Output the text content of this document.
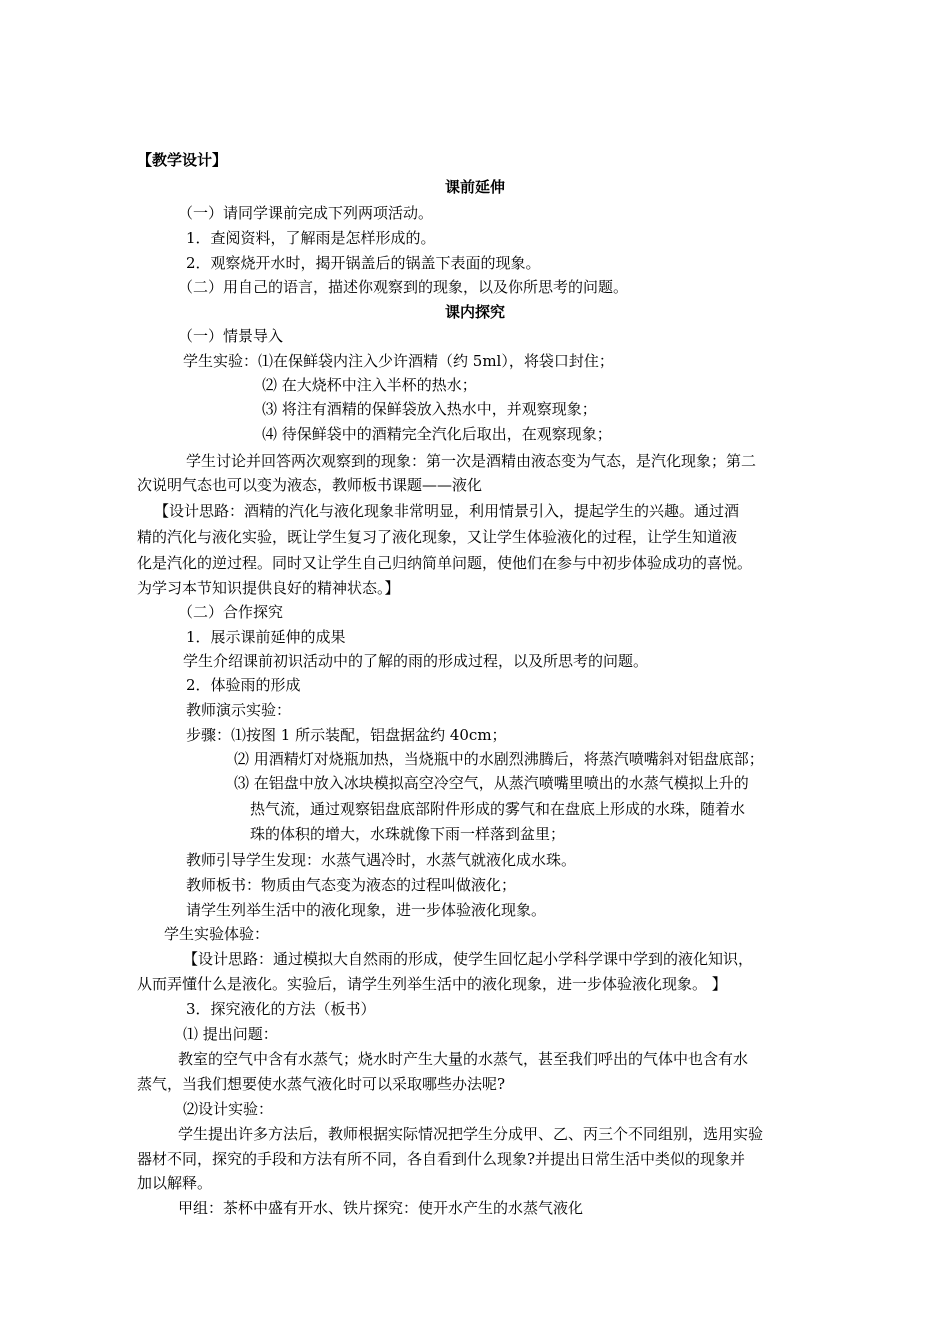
【教学设计】
课前延伸
（一）请同学课前完成下列两项活动。
1．查阅资料，了解雨是怎样形成的。
2．观察烧开水时，揭开锅盖后的锅盖下表面的现象。
（二）用自己的语言，描述你观察到的现象，以及你所思考的问题。
课内探究
（一）情景导入
学生实验：⑴在保鲜袋内注入少许酒精（约 5ml），将袋口封住；
⑵ 在大烧杯中注入半杯的热水；
⑶ 将注有酒精的保鲜袋放入热水中，并观察现象；
⑷ 待保鲜袋中的酒精完全汽化后取出，在观察现象；
学生讨论并回答两次观察到的现象：第一次是酒精由液态变为气态，是汽化现象；第二
次说明气态也可以变为液态，教师板书课题——液化
【设计思路：酒精的汽化与液化现象非常明显，利用情景引入，提起学生的兴趣。通过酒
精的汽化与液化实验，既让学生复习了液化现象，又让学生体验液化的过程，让学生知道液
化是汽化的逆过程。同时又让学生自己归纳简单问题，使他们在参与中初步体验成功的喜悦。
为学习本节知识提供良好的精神状态。】
（二）合作探究
1．展示课前延伸的成果
学生介绍课前初识活动中的了解的雨的形成过程，以及所思考的问题。
2．体验雨的形成
教师演示实验：
步骤：⑴按图 1 所示装配，铝盘据盆约 40cm；
⑵ 用酒精灯对烧瓶加热，当烧瓶中的水剧烈沸腾后，将蒸汽喷嘴斜对铝盘底部；
⑶ 在铝盘中放入冰块模拟高空冷空气，从蒸汽喷嘴里喷出的水蒸气模拟上升的
热气流，通过观察铝盘底部附件形成的雾气和在盘底上形成的水珠，随着水
珠的体积的增大，水珠就像下雨一样落到盆里；
教师引导学生发现：水蒸气遇冷时，水蒸气就液化成水珠。
教师板书：物质由气态变为液态的过程叫做液化；
请学生列举生活中的液化现象，进一步体验液化现象。
学生实验体验：
【设计思路：通过模拟大自然雨的形成，使学生回忆起小学科学课中学到的液化知识，
从而弄懂什么是液化。实验后，请学生列举生活中的液化现象，进一步体验液化现象。 】
3．探究液化的方法（板书）
⑴ 提出问题：
教室的空气中含有水蒸气；烧水时产生大量的水蒸气，甚至我们呼出的气体中也含有水
蒸气，当我们想要使水蒸气液化时可以采取哪些办法呢?
⑵设计实验：
学生提出许多方法后，教师根据实际情况把学生分成甲、乙、丙三个不同组别，选用实验
器材不同，探究的手段和方法有所不同，各自看到什么现象?并提出日常生活中类似的现象并
加以解释。
甲组：茶杯中盛有开水、铁片探究：使开水产生的水蒸气液化
